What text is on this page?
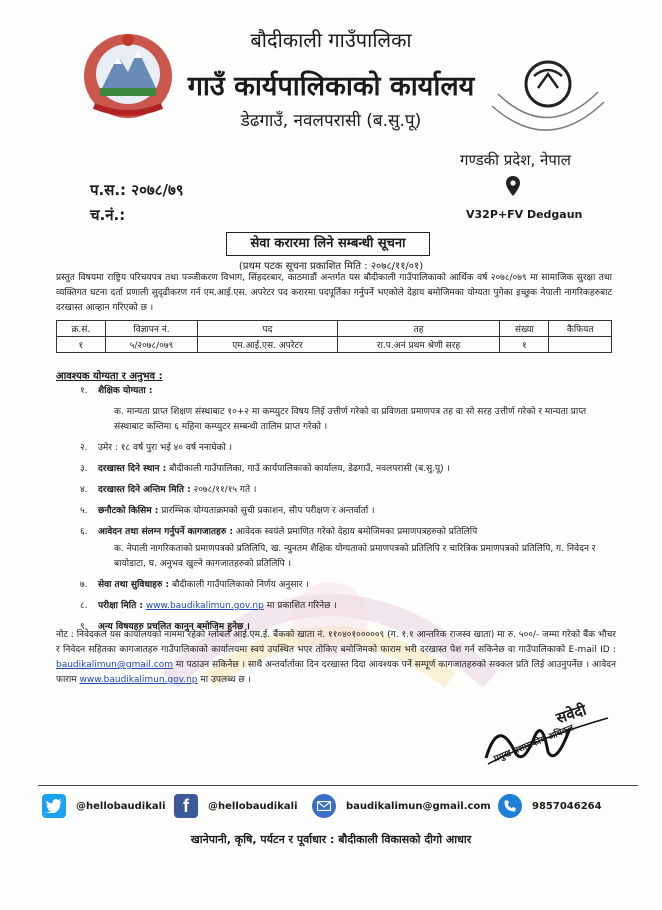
बौदीकाली गाउँपालिका
गाउँ कार्यपालिकाको कार्यालय
डेढगाउँ, नवलपरासी (ब.सु.पू)
गण्डकी प्रदेश, नेपाल
V32P+FV Dedgaun
प.स.: २०७८/७९
च.नं.:
सेवा करारमा लिने सम्बन्धी सूचना
(प्रथम पटक सूचना प्रकाशित मिति : २०७८/११/०१)
प्रस्तुत विषयमा राष्ट्रिय परिचयपत्र तथा पञ्जीकरण विभाग, सिंहदरबार, काठमाडौं अन्तर्गत यस बौदीकाली गाउँपालिकाको आर्थिक वर्ष २०७८/०७९ मा सामाजिक सुरक्षा तथा व्यक्तिगत घटना दर्ता प्रणाली सुदृढीकरण गर्न एम.आई.एस. अपरेटर पद करारमा पदपूर्तिका गर्नुपर्ने भएकोले देहाय बमोजिमका योग्यता पुगेका इच्छुक नेपाली नागरिकहरुबाट दरखास्त आव्हान गरिएको छ ।
क्र.सं.	विज्ञापन नं.	पद	तह	संख्या	कैफियत
१	५/२०७८/०७९	एम.आई.एस. अपरेटर	रा.प.अनं प्रथम श्रेणी सरह	१	
आवश्यक योग्यता र अनुभव :
१.	शैक्षिक योग्यता :
क. मान्यता प्राप्त शिक्षण संस्थाबाट १०+२ मा कम्प्युटर विषय लिई उत्तीर्ण गरेको वा प्रविणता प्रमाणपत्र तह वा सो सरह उत्तीर्ण गरेको र मान्यता प्राप्त संस्थाबाट कम्तिमा ६ महिना कम्प्युटर सम्बन्धी तालिम प्राप्त गरेको ।
२.	उमेर : १८ वर्ष पुरा भई ४० वर्ष ननाघेको ।
३.	दरखास्त दिने स्थान : बौदीकाली गाउँपालिका, गाउँ कार्यपालिकाको कार्यालय, डेढगाउँ, नवलपरासी (ब.सु.पू) ।
४.	दरखास्त दिने अन्तिम मिति : २०७८/११/१५ गते ।
५.	छनौटको किसिम : प्रारम्भिक योग्यताक्रमको सुची प्रकाशन, सीप परीक्षण र अन्तर्वार्ता ।
६.	आवेदन तथा संलग्न गर्नुपर्ने कागजातहरु : आवेदक स्वयंले प्रमाणित गरेको देहाय बमोजिमका प्रमाणपत्रहरुको प्रतिलिपि
क. नेपाली नागरिकताको प्रमाणपत्रको प्रतिलिपि, ख. न्युनतम शैक्षिक योग्यताको प्रमाणपत्रको प्रतिलिपि र चारित्रिक प्रमाणपत्रको प्रतिलिपि, ग. निवेदन र बायोडाटा, घ. अनुभव खुल्ने कागजातहरुको प्रतिलिपि ।
७.	सेवा तथा सुविधाहरु : बौदीकाली गाउँपालिकाको निर्णय अनुसार ।
८.	परीक्षा मिति : www.baudikalimun.gov.np मा प्रकाशित गरिनेछ ।
९.	अन्य विषयहरु प्रचलित कानुन बमोजिम हुनेछ ।
नोट : निवेदकले यस कार्यालयको नाममा रहेको ग्लोबल आई.एम.ई. बैंकको खाता नं. ११०४०१०००००९ (ग. १.१ आन्तरिक राजस्व खाता) मा रु. ५००/- जम्मा गरेको बैंक भौचर र निवेदन सहितका कागजातहरु गाउँपालिकाको कार्यालयमा स्वयं उपस्थित भएर तोकिए बमोजिमको फाराम भरी दरखास्त पेश गर्न सकिनेछ वा गाउँपालिकाको E-mail ID : baudikalimun@gmail.com मा पठाउन सकिनेछ । साथै अन्तर्वार्ताका दिन दरखास्त दिदा आवश्यक पर्ने सम्पूर्ण कागजातहरुको सक्कल प्रति लिई आउनुपर्नेछ । आवेदन फाराम www.baudikalimun.gov.np मा उपलब्ध छ ।
सवेदी
प्रमुख प्रशासकीय अधिकृत
@hellobaudikali f	@hellobaudikali	baudikalimun@gmail.com	9857046264
खानेपानी, कृषि, पर्यटन र पूर्वाधार : बौदीकाली विकासको दीगो आधार
